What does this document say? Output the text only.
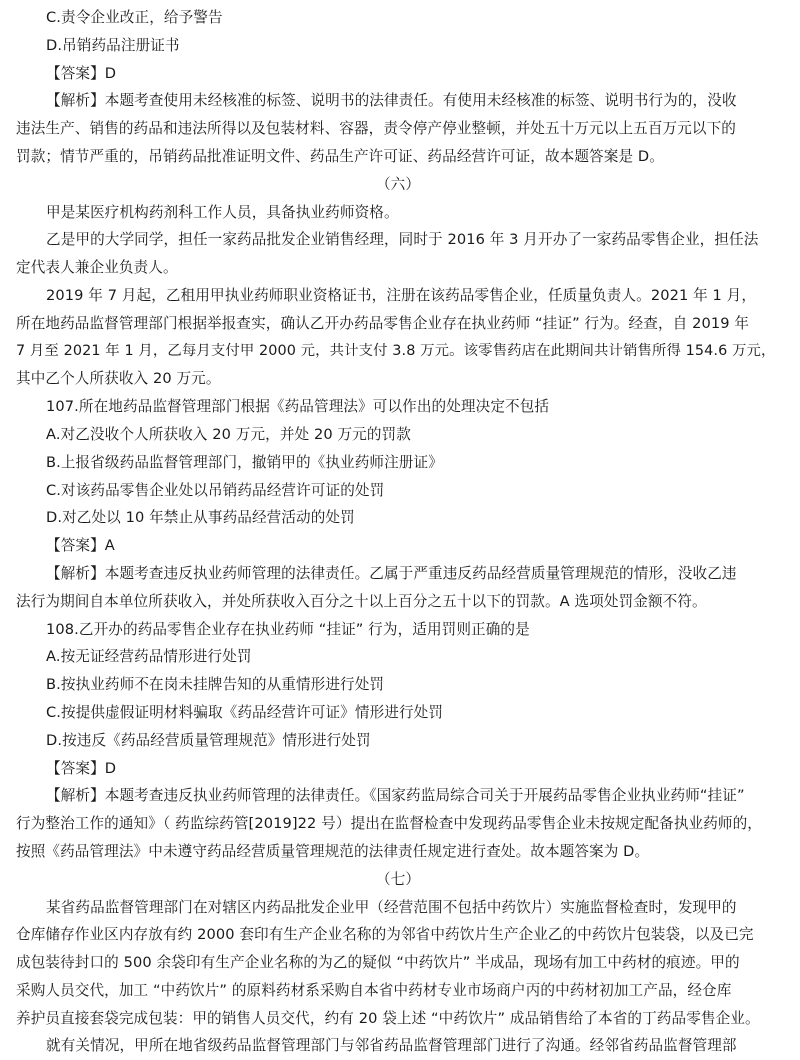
C.责令企业改正，给予警告
D.吊销药品注册证书
【答案】D
【解析】本题考查使用未经核准的标签、说明书的法律责任。有使用未经核准的标签、说明书行为的，没收
违法生产、销售的药品和违法所得以及包装材料、容器，责令停产停业整顿，并处五十万元以上五百万元以下的
罚款；情节严重的，吊销药品批准证明文件、药品生产许可证、药品经营许可证，故本题答案是 D。
（六）
甲是某医疗机构药剂科工作人员，具备执业药师资格。
乙是甲的大学同学，担任一家药品批发企业销售经理，同时于 2016 年 3 月开办了一家药品零售企业，担任法
定代表人兼企业负责人。
2019 年 7 月起，乙租用甲执业药师职业资格证书，注册在该药品零售企业，任质量负责人。2021 年 1 月，
所在地药品监督管理部门根据举报查实，确认乙开办药品零售企业存在执业药师 “挂证” 行为。经查，自 2019 年
7 月至 2021 年 1 月，乙每月支付甲 2000 元，共计支付 3.8 万元。该零售药店在此期间共计销售所得 154.6 万元，
其中乙个人所获收入 20 万元。
107.所在地药品监督管理部门根据《药品管理法》可以作出的处理决定不包括
A.对乙没收个人所获收入 20 万元，并处 20 万元的罚款
B.上报省级药品监督管理部门，撤销甲的《执业药师注册证》
C.对该药品零售企业处以吊销药品经营许可证的处罚
D.对乙处以 10 年禁止从事药品经营活动的处罚
【答案】A
【解析】本题考查违反执业药师管理的法律责任。乙属于严重违反药品经营质量管理规范的情形，没收乙违
法行为期间自本单位所获收入，并处所获收入百分之十以上百分之五十以下的罚款。A 选项处罚金额不符。
108.乙开办的药品零售企业存在执业药师 “挂证” 行为，适用罚则正确的是
A.按无证经营药品情形进行处罚
B.按执业药师不在岗未挂牌告知的从重情形进行处罚
C.按提供虚假证明材料骗取《药品经营许可证》情形进行处罚
D.按违反《药品经营质量管理规范》情形进行处罚
【答案】D
【解析】本题考查违反执业药师管理的法律责任。《国家药监局综合司关于开展药品零售企业执业药师“挂证”
行为整治工作的通知》（ 药监综药管[2019]22 号）提出在监督检查中发现药品零售企业未按规定配备执业药师的，
按照《药品管理法》中未遵守药品经营质量管理规范的法律责任规定进行查处。故本题答案为 D。
（七）
某省药品监督管理部门在对辖区内药品批发企业甲（经营范围不包括中药饮片）实施监督检查时，发现甲的
仓库储存作业区内存放有约 2000 套印有生产企业名称的为邻省中药饮片生产企业乙的中药饮片包装袋，以及已完
成包装待封口的 500 余袋印有生产企业名称的为乙的疑似 “中药饮片” 半成品，现场有加工中药材的痕迹。甲的
采购人员交代，加工 “中药饮片” 的原料药材系采购自本省中药材专业市场商户丙的中药材初加工产品，经仓库
养护员直接套袋完成包装：甲的销售人员交代，约有 20 袋上述 “中药饮片” 成品销售给了本省的丁药品零售企业。
就有关情况，甲所在地省级药品监督管理部门与邻省药品监督管理部门进行了沟通。经邻省药品监督管理部
